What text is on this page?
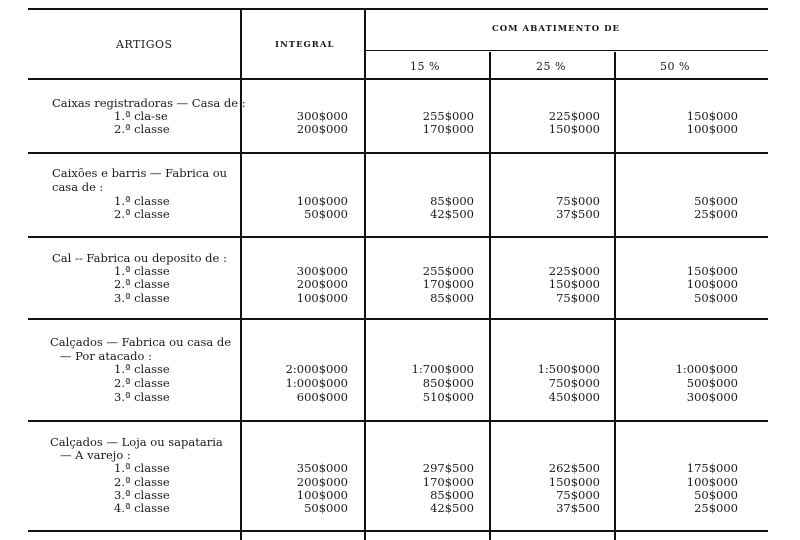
ARTIGOS	INTEGRAL
COM ABATIMENTO DE
15 %	25 %	50 %
Caixas registradoras — Casa de :
1.ª cla-se	300$000	255$000	225$000	150$000
2.ª classe	200$000	170$000	150$000	100$000
Caixões e barris — Fabrica ou
casa de :
1.ª classe	100$000	85$000	75$000	50$000
2.ª classe	50$000	42$500	37$500	25$000
Cal -- Fabrica ou deposito de :
1.ª classe	300$000	255$000	225$000	150$000
2.ª classe	200$000	170$000	150$000	100$000
3.ª classe	100$000	85$000	75$000	50$000
Calçados — Fabrica ou casa de
— Por atacado :
1.ª classe	2:000$000	1:700$000	1:500$000	1:000$000
2.ª classe	1:000$000	850$000	750$000	500$000
3.ª classe	600$000	510$000	450$000	300$000
Calçados — Loja ou sapataria
— A varejo :
1.ª classe	350$000	297$500	262$500	175$000
2.ª classe	200$000	170$000	150$000	100$000
3.ª classe	100$000	85$000	75$000	50$000
4.ª classe	50$000	42$500	37$500	25$000
